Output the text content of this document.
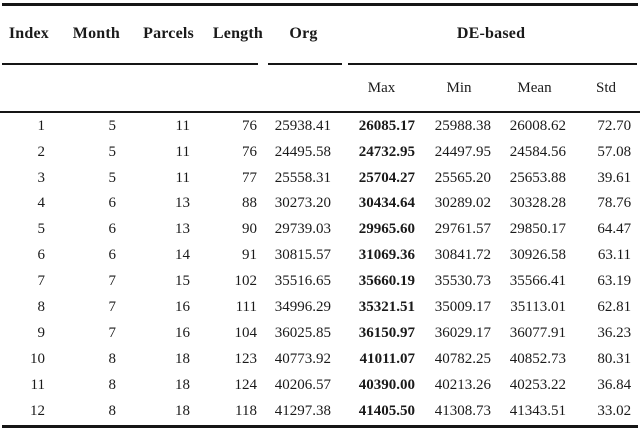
Index	Month	Parcels	Length	Org	DE-based			

					Max	Min	Mean	Std

1	5	11	76	25938.41	26085.17	25988.38	26008.62	72.70
2	5	11	76	24495.58	24732.95	24497.95	24584.56	57.08
3	5	11	77	25558.31	25704.27	25565.20	25653.88	39.61
4	6	13	88	30273.20	30434.64	30289.02	30328.28	78.76
5	6	13	90	29739.03	29965.60	29761.57	29850.17	64.47
6	6	14	91	30815.57	31069.36	30841.72	30926.58	63.11
7	7	15	102	35516.65	35660.19	35530.73	35566.41	63.19
8	7	16	111	34996.29	35321.51	35009.17	35113.01	62.81
9	7	16	104	36025.85	36150.97	36029.17	36077.91	36.23
10	8	18	123	40773.92	41011.07	40782.25	40852.73	80.31
11	8	18	124	40206.57	40390.00	40213.26	40253.22	36.84
12	8	18	118	41297.38	41405.50	41308.73	41343.51	33.02
